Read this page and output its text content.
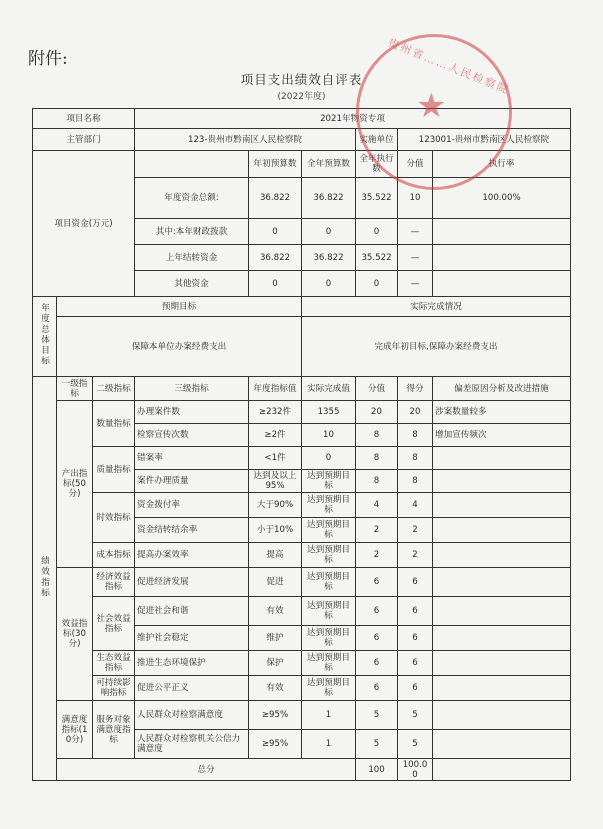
附件:
项目支出绩效自评表
(2022年度)
项目名称			2021年物资专项						
主管部门			123-贵州市黔南区人民检察院			实施单位	123001-贵州市黔南区人民检察院		
项目资金(万元)				年初预算数	全年预算数	全年执行数	分值	执行率	
			年度资金总额:	36.822	36.822	35.522	10	100.00%	
			其中:本年财政拨款	0	0	0	—		
			上年结转资金	36.822	36.822	35.522	—		
			其他资金	0	0	0	—		
年度总体目标	预期目标				实际完成情况				
	保障本单位办案经费支出				完成年初目标,保障办案经费支出				
绩效指标	一级指标	二级指标	三级指标	年度指标值	实际完成值	分值	得分	偏差原因分析及改进措施	
	产出指标(50分)	数量指标	办理案件数	≥232件	1355	20	20	涉案数量较多	
			检察宣传次数	≥2件	10	8	8	增加宣传频次	
		质量指标	错案率	<1件	0	8	8		
			案件办理质量	达到及以上95%	达到预期目标	8	8		
		时效指标	资金拨付率	大于90%	达到预期目标	4	4		
			资金结转结余率	小于10%	达到预期目标	2	2		
		成本指标	提高办案效率	提高	达到预期目标	2	2		
	效益指标(30分)	经济效益指标	促进经济发展	促进	达到预期目标	6	6		
		社会效益指标	促进社会和谐	有效	达到预期目标	6	6		
			维护社会稳定	维护	达到预期目标	6	6		
		生态效益指标	推进生态环境保护	保护	达到预期目标	6	6		
		可持续影响指标	促进公平正义	有效	达到预期目标	6	6		
	满意度指标(10分)	服务对象满意度指标	人民群众对检察满意度	≥95%	1	5	5		
			人民群众对检察机关公信力满意度	≥95%	1	5	5		
	总分					100	100.00		
★
贵州省……人民检察院
